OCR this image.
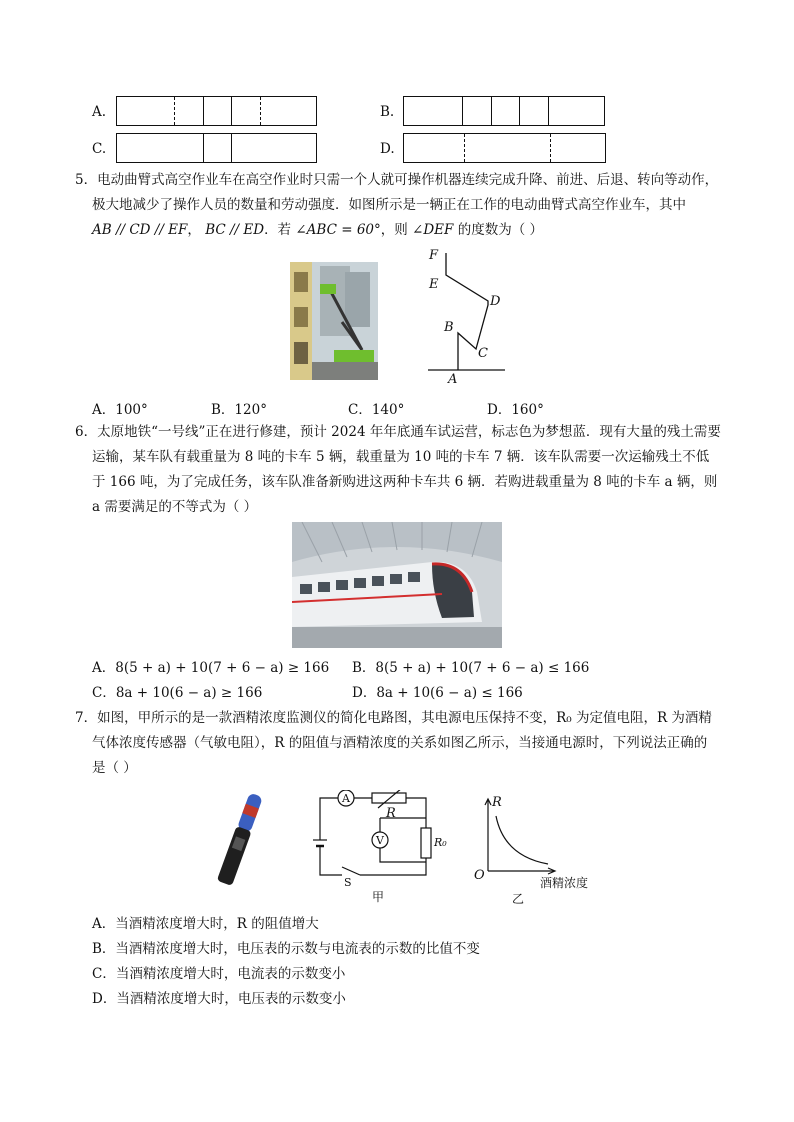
A.	B.
C.	D.
5．电动曲臂式高空作业车在高空作业时只需一个人就可操作机器连续完成升降、前进、后退、转向等动作，
极大地减少了操作人员的数量和劳动强度．如图所示是一辆正在工作的电动曲臂式高空作业车，其中
AB // CD // EF， BC // ED．若 ∠ABC = 60°，则 ∠DEF 的度数为（ ）
F
E
D
B
C
A
A．100°	B．120°	C．140°	D．160°
6．太原地铁“一号线”正在进行修建，预计 2024 年年底通车试运营，标志色为梦想蓝．现有大量的残土需要
运输，某车队有载重量为 8 吨的卡车 5 辆，载重量为 10 吨的卡车 7 辆．该车队需要一次运输残土不低
于 166 吨，为了完成任务，该车队准备新购进这两种卡车共 6 辆．若购进载重量为 8 吨的卡车 a 辆，则
a 需要满足的不等式为（ ）
A．8(5 + a) + 10(7 + 6 − a) ≥ 166 B．8(5 + a) + 10(7 + 6 − a) ≤ 166
C．8a + 10(6 − a) ≥ 166	D．8a + 10(6 − a) ≤ 166
7．如图，甲所示的是一款酒精浓度监测仪的简化电路图，其电源电压保持不变，R₀ 为定值电阻，R 为酒精
气体浓度传感器（气敏电阻），R 的阻值与酒精浓度的关系如图乙所示，当接通电源时，下列说法正确的
是（ ）
A
R
V	R₀
S
甲
R
O	酒精浓度
乙
A．当酒精浓度增大时，R 的阻值增大
B．当酒精浓度增大时，电压表的示数与电流表的示数的比值不变
C．当酒精浓度增大时，电流表的示数变小
D．当酒精浓度增大时，电压表的示数变小
